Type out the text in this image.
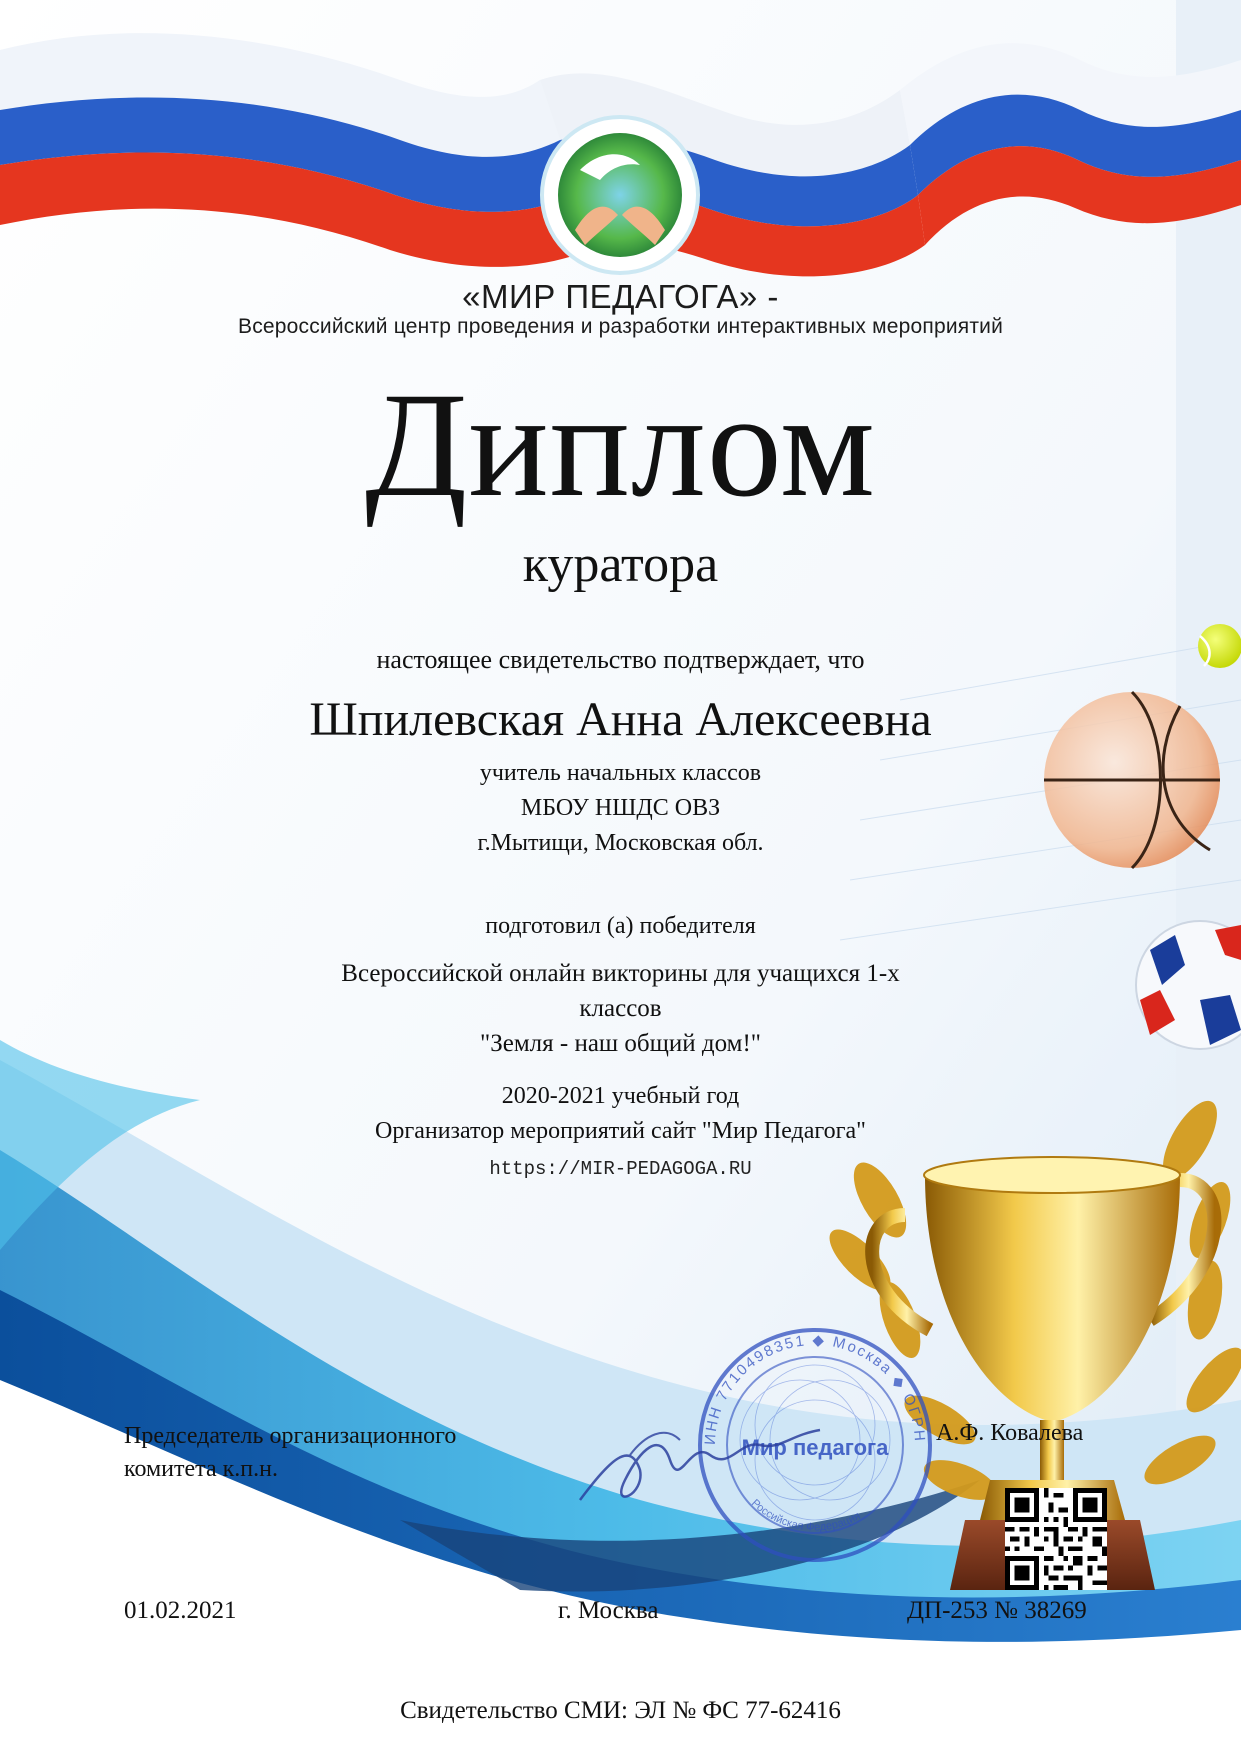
«МИР ПЕДАГОГА» -
Всероссийский центр проведения и разработки интерактивных мероприятий
Диплом
куратора
настоящее свидетельство подтверждает, что
Шпилевская Анна Алексеевна
учитель начальных классов
МБОУ НШДС ОВЗ
г.Мытищи, Московская обл.
подготовил (а) победителя
Всероссийской онлайн викторины для учащихся 1-х
классов
"Земля - наш общий дом!"
2020-2021 учебный год
Организатор мероприятий сайт "Мир Педагога"
https://MIR-PEDAGOGA.RU
ИНН 7710498351 ◆ Москва ◆ ОГРН
Мир педагога
Российская Федерация
Председатель организационного
комитета к.п.н.
А.Ф. Ковалева
01.02.2021	г. Москва	ДП-253 № 38269
Свидетельство СМИ: ЭЛ № ФС 77-62416
